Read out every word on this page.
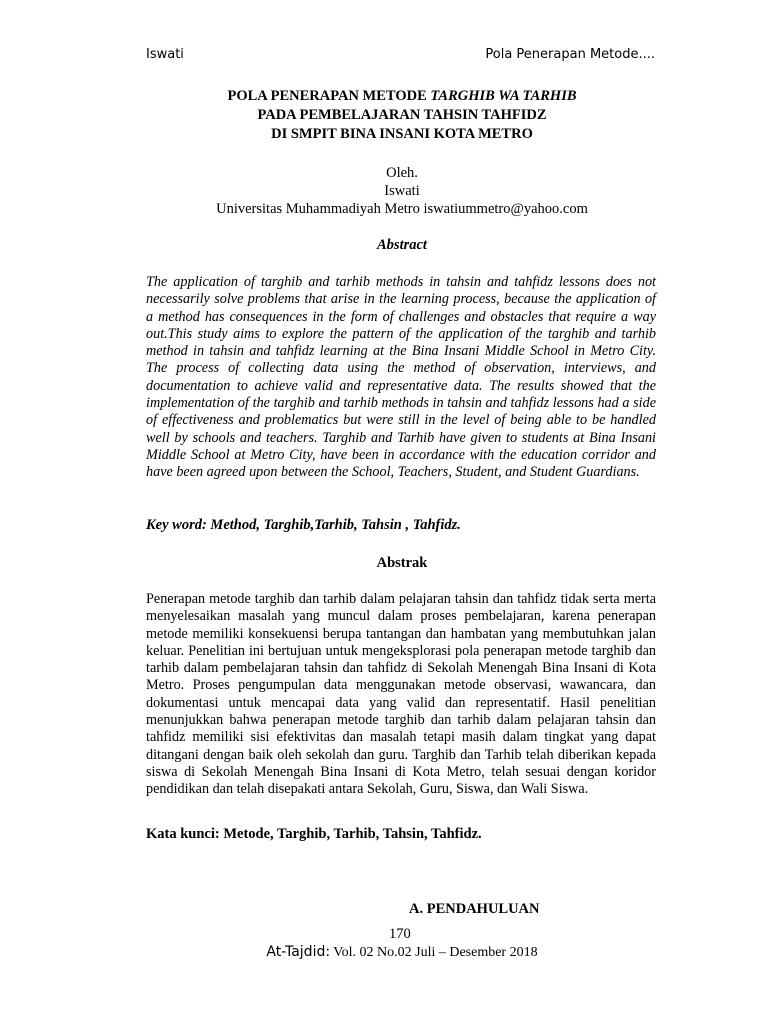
Iswati	Pola Penerapan Metode....
POLA PENERAPAN METODE TARGHIB WA TARHIB
PADA PEMBELAJARAN TAHSIN TAHFIDZ
DI SMPIT BINA INSANI KOTA METRO
Oleh.
Iswati
Universitas Muhammadiyah Metro iswatiummetro@yahoo.com
Abstract
The application of targhib and tarhib methods in tahsin and tahfidz lessons does not necessarily solve problems that arise in the learning process, because the application of a method has consequences in the form of challenges and obstacles that require a way out.This study aims to explore the pattern of the application of the targhib and tarhib method in tahsin and tahfidz learning at the Bina Insani Middle School in Metro City. The process of collecting data using the method of observation, interviews, and documentation to achieve valid and representative data. The results showed that the implementation of the targhib and tarhib methods in tahsin and tahfidz lessons had a side of effectiveness and problematics but were still in the level of being able to be handled well by schools and teachers. Targhib and Tarhib have given to students at Bina Insani Middle School at Metro City, have been in accordance with the education corridor and have been agreed upon between the School, Teachers, Student, and Student Guardians.
Key word: Method, Targhib,Tarhib, Tahsin , Tahfidz.
Abstrak
Penerapan metode targhib dan tarhib dalam pelajaran tahsin dan tahfidz tidak serta merta menyelesaikan masalah yang muncul dalam proses pembelajaran, karena penerapan metode memiliki konsekuensi berupa tantangan dan hambatan yang membutuhkan jalan keluar. Penelitian ini bertujuan untuk mengeksplorasi pola penerapan metode targhib dan tarhib dalam pembelajaran tahsin dan tahfidz di Sekolah Menengah Bina Insani di Kota Metro. Proses pengumpulan data menggunakan metode observasi, wawancara, dan dokumentasi untuk mencapai data yang valid dan representatif. Hasil penelitian menunjukkan bahwa penerapan metode targhib dan tarhib dalam pelajaran tahsin dan tahfidz memiliki sisi efektivitas dan masalah tetapi masih dalam tingkat yang dapat ditangani dengan baik oleh sekolah dan guru. Targhib dan Tarhib telah diberikan kepada siswa di Sekolah Menengah Bina Insani di Kota Metro, telah sesuai dengan koridor pendidikan dan telah disepakati antara Sekolah, Guru, Siswa, dan Wali Siswa.
Kata kunci: Metode, Targhib, Tarhib, Tahsin, Tahfidz.
A. PENDAHULUAN
170
At-Tajdid: Vol. 02 No.02 Juli – Desember 2018
